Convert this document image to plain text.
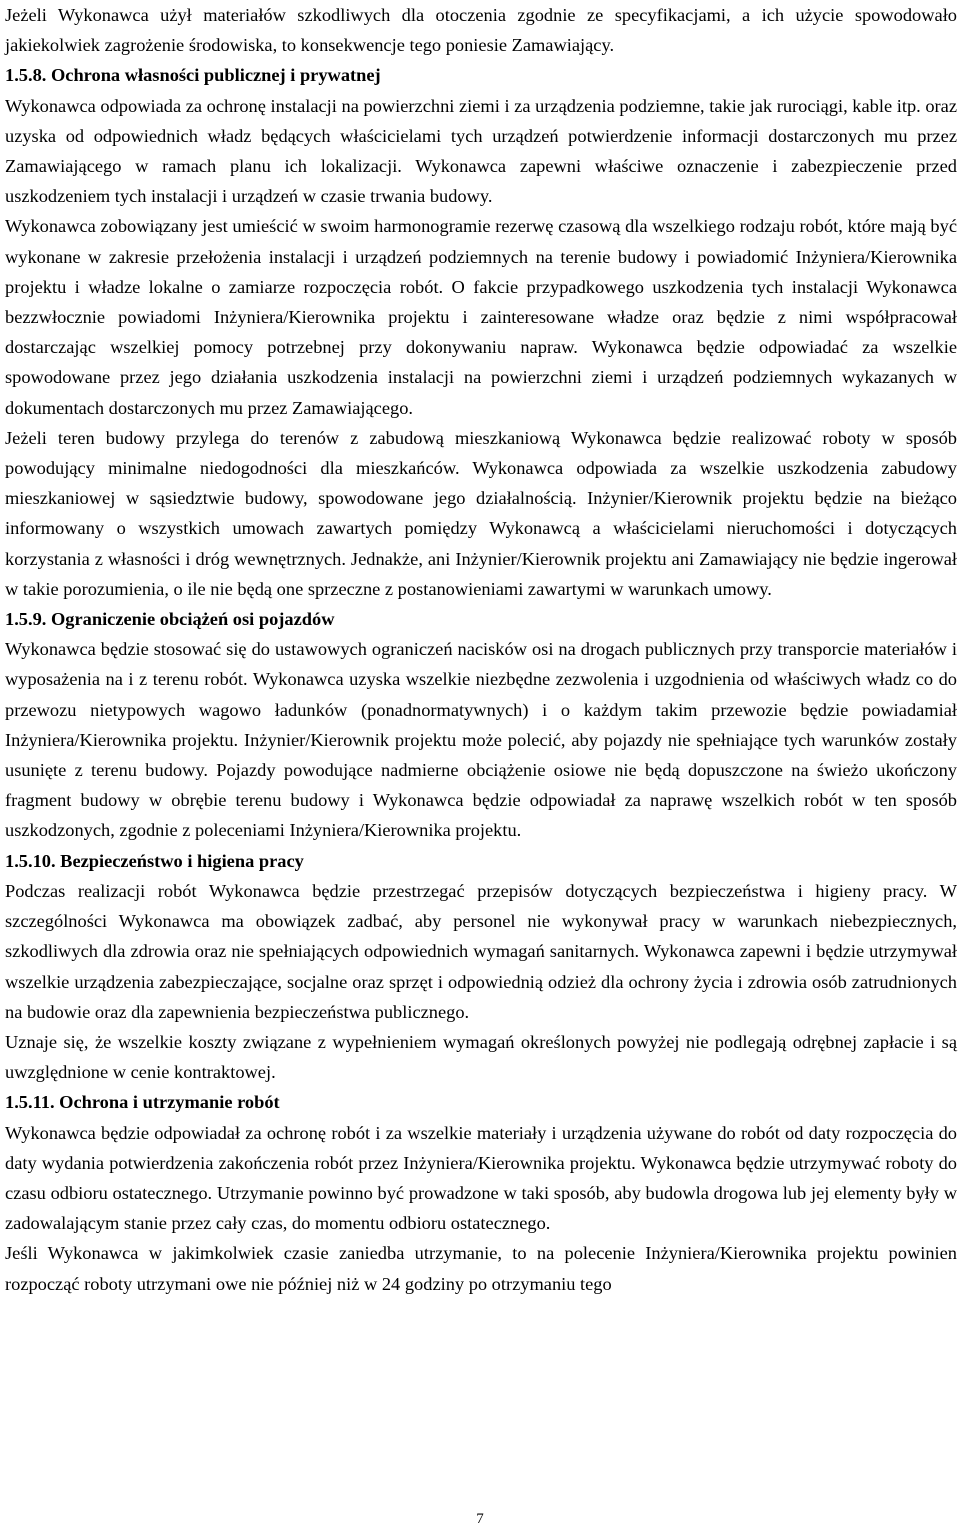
Jeżeli Wykonawca użył materiałów szkodliwych dla otoczenia zgodnie ze specyfikacjami, a ich użycie spowodowało jakiekolwiek zagrożenie środowiska, to konsekwencje tego poniesie Zamawiający.

1.5.8. Ochrona własności publicznej i prywatnej

Wykonawca odpowiada za ochronę instalacji na powierzchni ziemi i za urządzenia podziemne, takie jak rurociągi, kable itp. oraz uzyska od odpowiednich władz będących właścicielami tych urządzeń potwierdzenie informacji dostarczonych mu przez Zamawiającego w ramach planu ich lokalizacji. Wykonawca zapewni właściwe oznaczenie i zabezpieczenie przed uszkodzeniem tych instalacji i urządzeń w czasie trwania budowy.

Wykonawca zobowiązany jest umieścić w swoim harmonogramie rezerwę czasową dla wszelkiego rodzaju robót, które mają być wykonane w zakresie przełożenia instalacji i urządzeń podziemnych na terenie budowy i powiadomić Inżyniera/Kierownika projektu i władze lokalne o zamiarze rozpoczęcia robót. O fakcie przypadkowego uszkodzenia tych instalacji Wykonawca bezzwłocznie powiadomi Inżyniera/Kierownika projektu i zainteresowane władze oraz będzie z nimi współpracował dostarczając wszelkiej pomocy potrzebnej przy dokonywaniu napraw. Wykonawca będzie odpowiadać za wszelkie spowodowane przez jego działania uszkodzenia instalacji na powierzchni ziemi i urządzeń podziemnych wykazanych w dokumentach dostarczonych mu przez Zamawiającego.

Jeżeli teren budowy przylega do terenów z zabudową mieszkaniową Wykonawca będzie realizować roboty w sposób powodujący minimalne niedogodności dla mieszkańców. Wykonawca odpowiada za wszelkie uszkodzenia zabudowy mieszkaniowej w sąsiedztwie budowy, spowodowane jego działalnością. Inżynier/Kierownik projektu będzie na bieżąco informowany o wszystkich umowach zawartych pomiędzy Wykonawcą a właścicielami nieruchomości i dotyczących korzystania z własności i dróg wewnętrznych. Jednakże, ani Inżynier/Kierownik projektu ani Zamawiający nie będzie ingerował w takie porozumienia, o ile nie będą one sprzeczne z postanowieniami zawartymi w warunkach umowy.

1.5.9. Ograniczenie obciążeń osi pojazdów

Wykonawca będzie stosować się do ustawowych ograniczeń nacisków osi na drogach publicznych przy transporcie materiałów i wyposażenia na i z terenu robót. Wykonawca uzyska wszelkie niezbędne zezwolenia i uzgodnienia od właściwych władz co do przewozu nietypowych wagowo ładunków (ponadnormatywnych) i o każdym takim przewozie będzie powiadamiał Inżyniera/Kierownika projektu. Inżynier/Kierownik projektu może polecić, aby pojazdy nie spełniające tych warunków zostały usunięte z terenu budowy. Pojazdy powodujące nadmierne obciążenie osiowe nie będą dopuszczone na świeżo ukończony fragment budowy w obrębie terenu budowy i Wykonawca będzie odpowiadał za naprawę wszelkich robót w ten sposób uszkodzonych, zgodnie z poleceniami Inżyniera/Kierownika projektu.

1.5.10. Bezpieczeństwo i higiena pracy

Podczas realizacji robót Wykonawca będzie przestrzegać przepisów dotyczących bezpieczeństwa i higieny pracy. W szczególności Wykonawca ma obowiązek zadbać, aby personel nie wykonywał pracy w warunkach niebezpiecznych, szkodliwych dla zdrowia oraz nie spełniających odpowiednich wymagań sanitarnych. Wykonawca zapewni i będzie utrzymywał wszelkie urządzenia zabezpieczające, socjalne oraz sprzęt i odpowiednią odzież dla ochrony życia i zdrowia osób zatrudnionych na budowie oraz dla zapewnienia bezpieczeństwa publicznego.

Uznaje się, że wszelkie koszty związane z wypełnieniem wymagań określonych powyżej nie podlegają odrębnej zapłacie i są uwzględnione w cenie kontraktowej.

1.5.11. Ochrona i utrzymanie robót

Wykonawca będzie odpowiadał za ochronę robót i za wszelkie materiały i urządzenia używane do robót od daty rozpoczęcia do daty wydania potwierdzenia zakończenia robót przez Inżyniera/Kierownika projektu. Wykonawca będzie utrzymywać roboty do czasu odbioru ostatecznego. Utrzymanie powinno być prowadzone w taki sposób, aby budowla drogowa lub jej elementy były w zadowalającym stanie przez cały czas, do momentu odbioru ostatecznego.

Jeśli Wykonawca w jakimkolwiek czasie zaniedba utrzymanie, to na polecenie Inżyniera/Kierownika projektu powinien rozpocząć roboty utrzymani owe nie później niż w 24 godziny po otrzymaniu tego

7
